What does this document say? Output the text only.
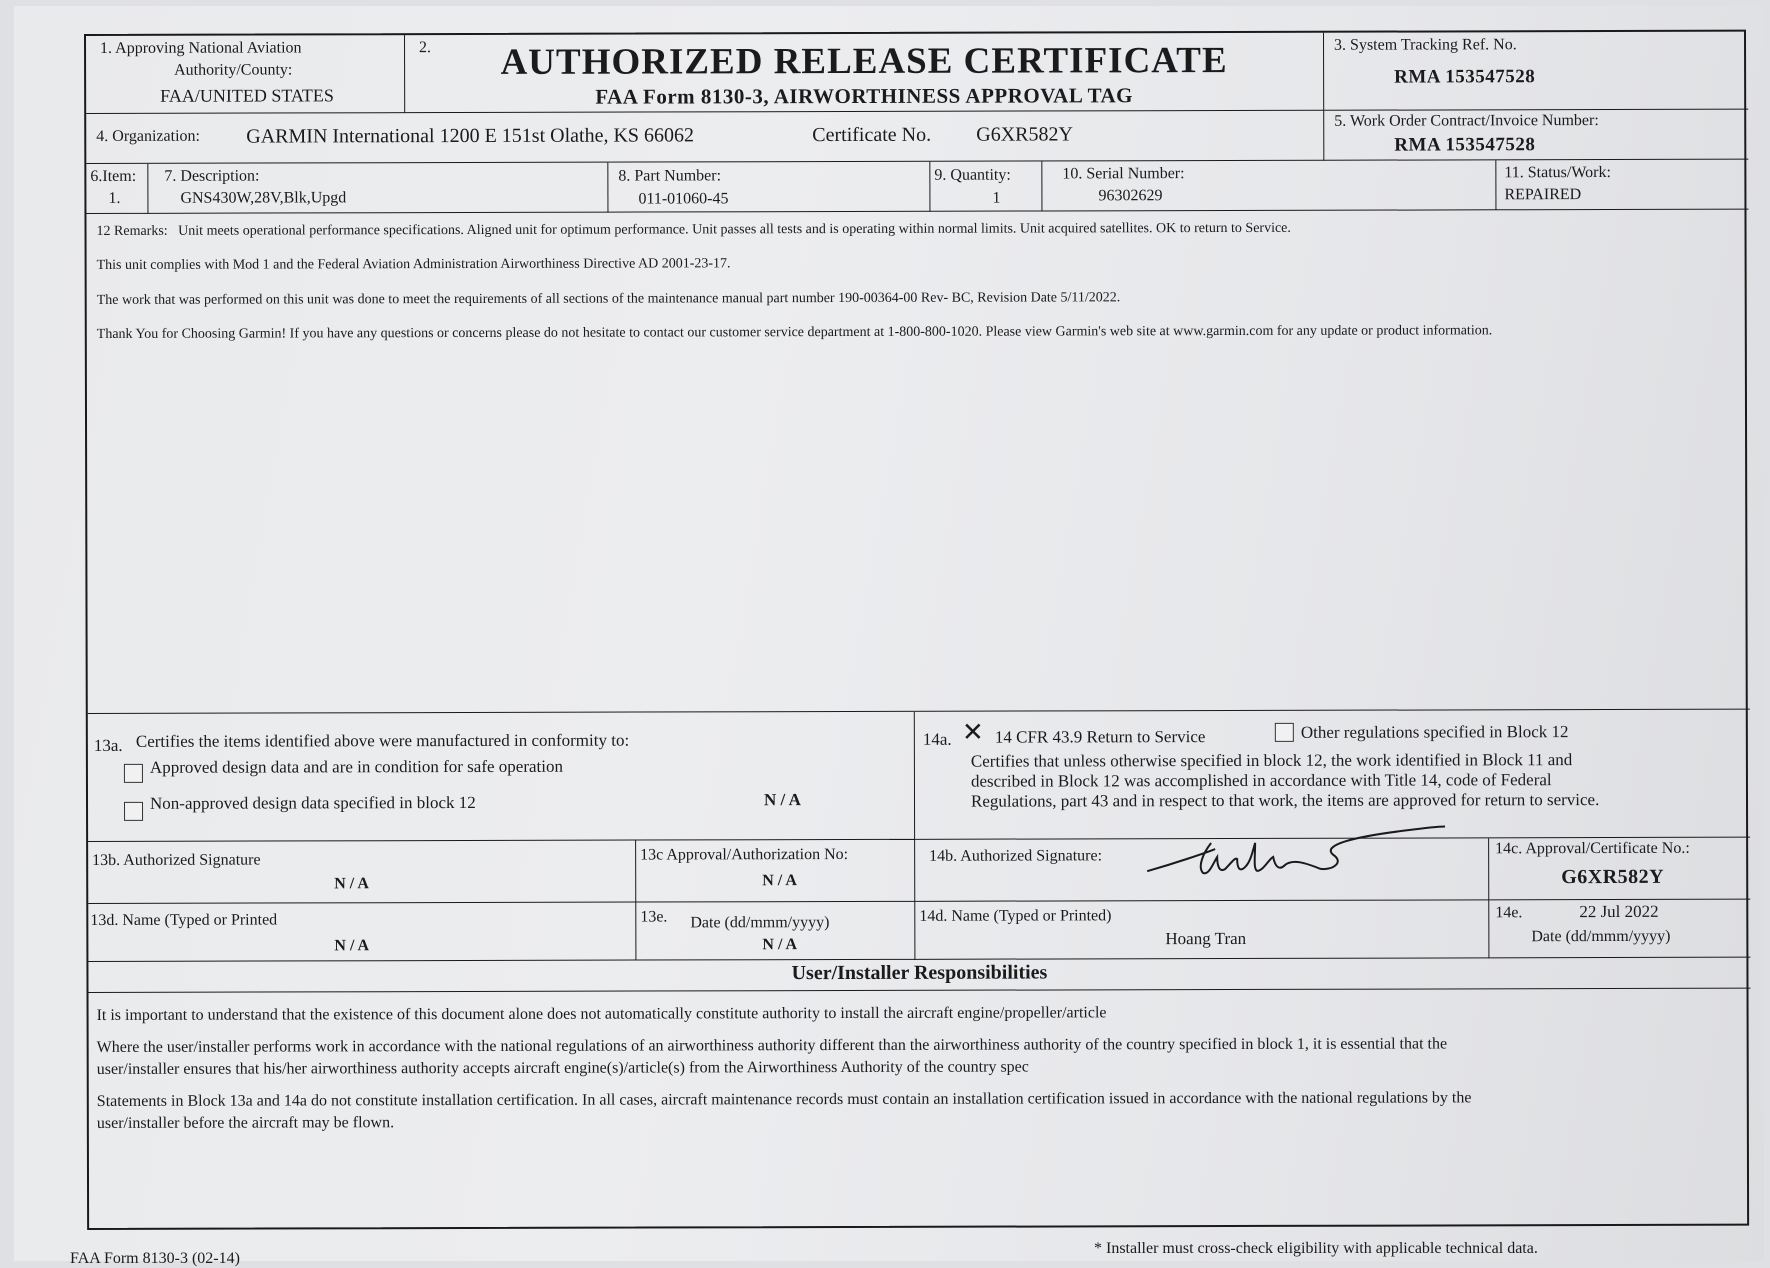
1. Approving National Aviation
Authority/County:
FAA/UNITED STATES
2.	AUTHORIZED RELEASE CERTIFICATE
FAA Form 8130-3, AIRWORTHINESS APPROVAL TAG
3. System Tracking Ref. No.
RMA 153547528
4. Organization: GARMIN International 1200 E 151st Olathe, KS 66062	Certificate No. G6XR582Y
5. Work Order Contract/Invoice Number:
RMA 153547528
6.Item:
1.
7. Description:
GNS430W,28V,Blk,Upgd
8. Part Number:
011-01060-45
9. Quantity:
1
10. Serial Number:
96302629
11. Status/Work:
REPAIRED
12 Remarks: Unit meets operational performance specifications. Aligned unit for optimum performance. Unit passes all tests and is operating within normal limits. Unit acquired satellites. OK to return to Service.
This unit complies with Mod 1 and the Federal Aviation Administration Airworthiness Directive AD 2001-23-17.
The work that was performed on this unit was done to meet the requirements of all sections of the maintenance manual part number 190-00364-00 Rev- BC, Revision Date 5/11/2022.
Thank You for Choosing Garmin! If you have any questions or concerns please do not hesitate to contact our customer service department at 1-800-800-1020. Please view Garmin's web site at www.garmin.com for any update or product information.
13a. Certifies the items identified above were manufactured in conformity to:
Approved design data and are in condition for safe operation
Non-approved design data specified in block 12	N / A
14a. ✕ 14 CFR 43.9 Return to Service	Other regulations specified in Block 12
Certifies that unless otherwise specified in block 12, the work identified in Block 11 and
described in Block 12 was accomplished in accordance with Title 14, code of Federal
Regulations, part 43 and in respect to that work, the items are approved for return to service.
13b. Authorized Signature
N / A
13c Approval/Authorization No:
N / A
14b. Authorized Signature:	14c. Approval/Certificate No.:
G6XR582Y
13d. Name (Typed or Printed
N / A
13e. Date (dd/mmm/yyyy)
N / A
14d. Name (Typed or Printed)
Hoang Tran
14e.	22 Jul 2022
Date (dd/mmm/yyyy)
User/Installer Responsibilities
It is important to understand that the existence of this document alone does not automatically constitute authority to install the aircraft engine/propeller/article
Where the user/installer performs work in accordance with the national regulations of an airworthiness authority different than the airworthiness authority of the country specified in block 1, it is essential that the
user/installer ensures that his/her airworthiness authority accepts aircraft engine(s)/article(s) from the Airworthiness Authority of the country spec
Statements in Block 13a and 14a do not constitute installation certification. In all cases, aircraft maintenance records must contain an installation certification issued in accordance with the national regulations by the
user/installer before the aircraft may be flown.
FAA Form 8130-3 (02-14)
* Installer must cross-check eligibility with applicable technical data.
